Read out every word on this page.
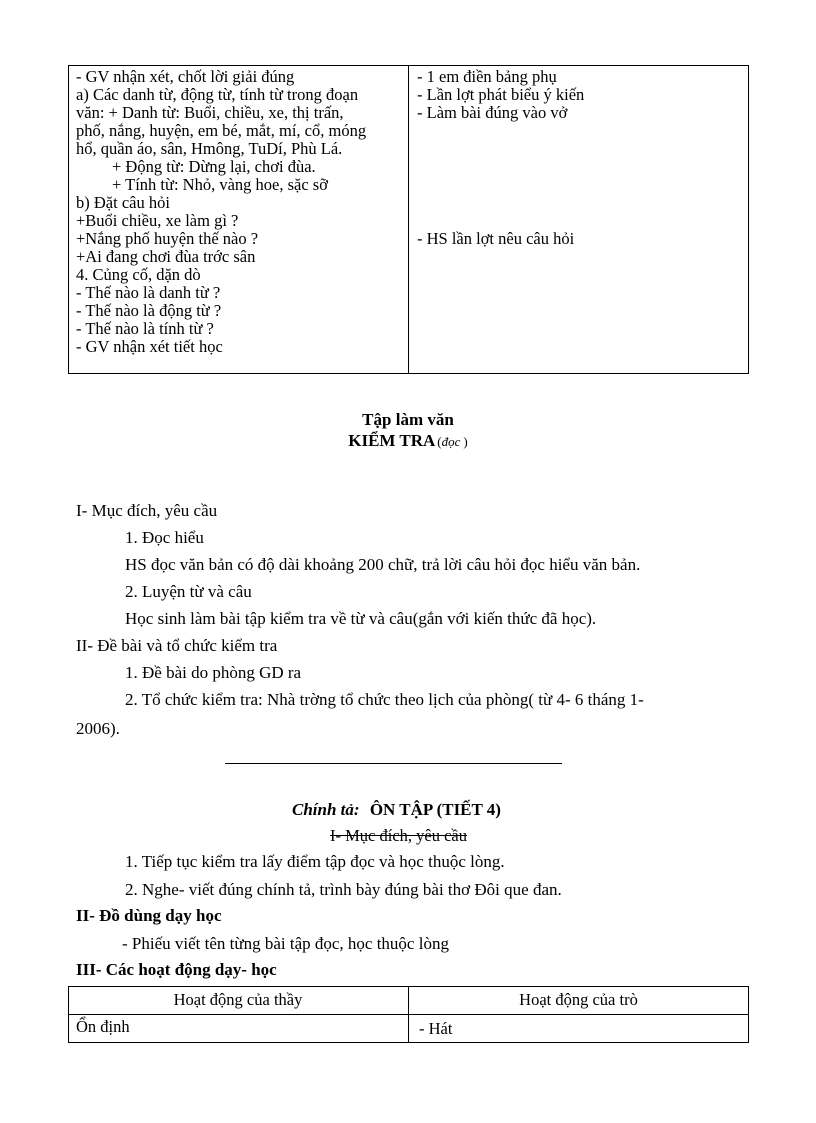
- GV nhận xét, chốt lời giải đúng
a) Các danh từ, động từ, tính từ trong đoạn
văn: + Danh từ: Buổi, chiều, xe, thị trấn,
phố, nắng, huyện, em bé, mắt, mí, cổ, móng
hổ, quần áo, sân, Hmông, TuDí, Phù Lá.
+ Động từ: Dừng lại, chơi đùa.
+ Tính từ: Nhỏ, vàng hoe, sặc sỡ
b) Đặt câu hỏi
+Buổi chiều, xe làm gì ?
+Nắng phố huyện thế nào ?
+Ai đang chơi đùa trớc sân
4. Củng cố, dặn dò
- Thế nào là danh từ ?
- Thế nào là động từ ?
- Thế nào là tính từ ?
- GV nhận xét tiết học
- 1 em điền bảng phụ
- Lần lợt phát biểu ý kiến
- Làm bài đúng vào vở
- HS lần lợt nêu câu hỏi
Tập làm văn
KIỂM TRA (đọc )
I- Mục đích, yêu cầu
1. Đọc hiểu
HS đọc văn bản có độ dài khoảng 200 chữ, trả lời câu hỏi đọc hiểu văn bản.
2. Luyện từ và câu
Học sinh làm bài tập kiểm tra về từ và câu(gắn với kiến thức đã học).
II- Đề bài và tổ chức kiểm tra
1. Đề bài do phòng GD ra
2. Tổ chức kiểm tra: Nhà trờng tổ chức theo lịch của phòng( từ 4- 6 tháng 1-
2006).
Chính tả: ÔN TẬP (TIẾT 4)
I- Mục đích, yêu cầu
1. Tiếp tục kiểm tra lấy điểm tập đọc và học thuộc lòng.
2. Nghe- viết đúng chính tả, trình bày đúng bài thơ Đôi que đan.
II- Đồ dùng dạy học
- Phiếu viết tên từng bài tập đọc, học thuộc lòng
III- Các hoạt động dạy- học
Hoạt động của thầy	Hoạt động của trò
Ổn định	- Hát
